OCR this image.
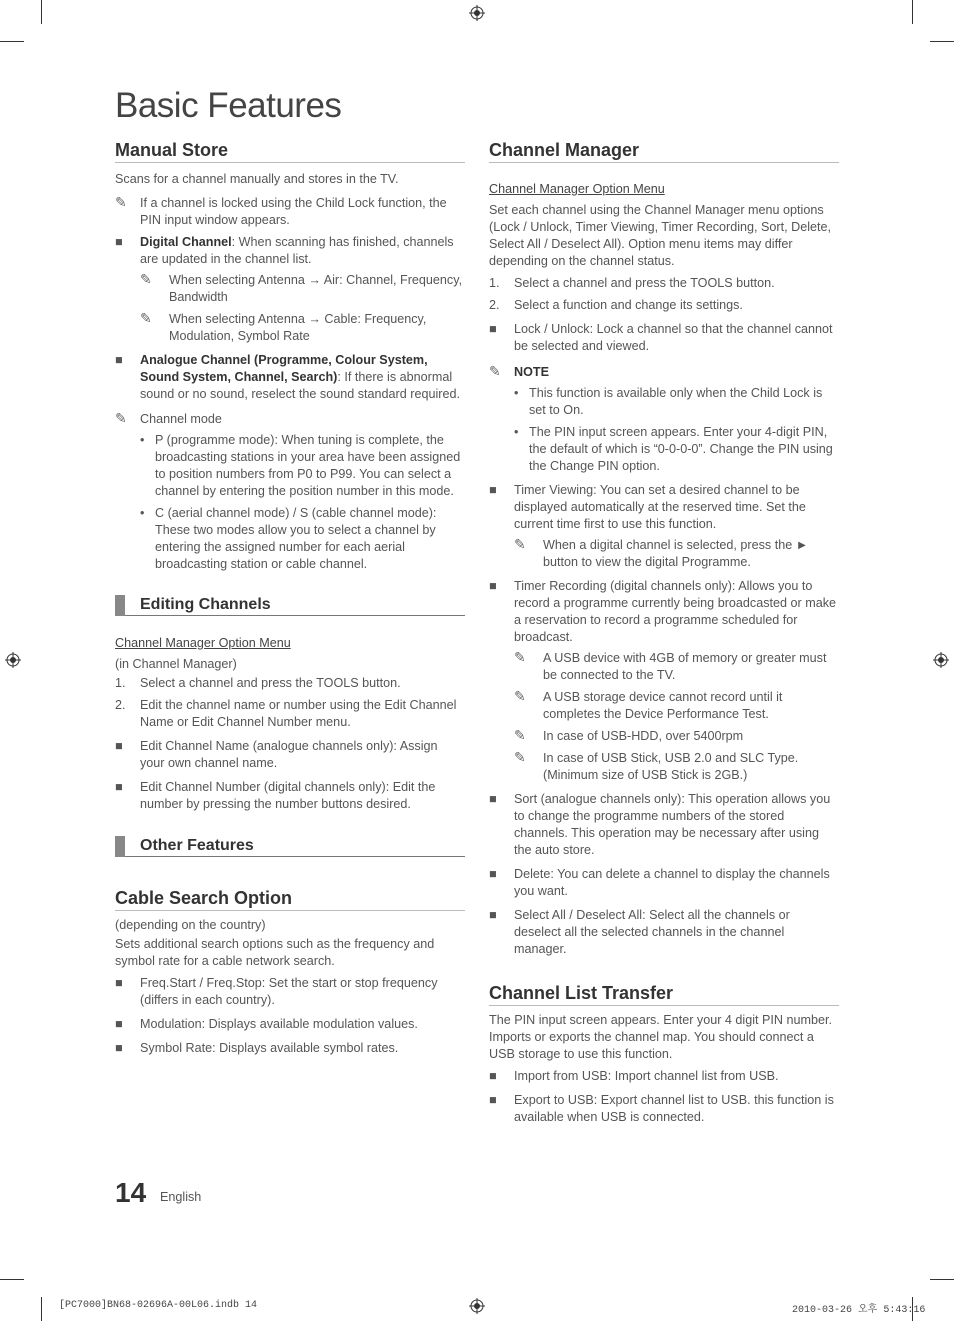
Basic Features
Manual Store

Scans for a channel manually and stores in the TV.

✎ If a channel is locked using the Child Lock function, the PIN input window appears.
■ Digital Channel: When scanning has finished, channels are updated in the channel list.
✎ When selecting Antenna → Air: Channel, Frequency, Bandwidth
✎ When selecting Antenna → Cable: Frequency, Modulation, Symbol Rate
■ Analogue Channel (Programme, Colour System, Sound System, Channel, Search): If there is abnormal sound or no sound, reselect the sound standard required.
✎ Channel mode
• P (programme mode): When tuning is complete, the broadcasting stations in your area have been assigned to position numbers from P0 to P99. You can select a channel by entering the position number in this mode.
• C (aerial channel mode) / S (cable channel mode): These two modes allow you to select a channel by entering the assigned number for each aerial broadcasting station or cable channel.
Editing Channels

Channel Manager Option Menu

(in Channel Manager)

1. Select a channel and press the TOOLS button.
2. Edit the channel name or number using the Edit Channel Name or Edit Channel Number menu.
■ Edit Channel Name (analogue channels only): Assign your own channel name.
■ Edit Channel Number (digital channels only): Edit the number by pressing the number buttons desired.
Other Features
Cable Search Option

(depending on the country)

Sets additional search options such as the frequency and symbol rate for a cable network search.

■ Freq.Start / Freq.Stop: Set the start or stop frequency (differs in each country).
■ Modulation: Displays available modulation values.
■ Symbol Rate: Displays available symbol rates.
Channel Manager

Channel Manager Option Menu

Set each channel using the Channel Manager menu options (Lock / Unlock, Timer Viewing, Timer Recording, Sort, Delete, Select All / Deselect All). Option menu items may differ depending on the channel status.

1. Select a channel and press the TOOLS button.
2. Select a function and change its settings.
■ Lock / Unlock: Lock a channel so that the channel cannot be selected and viewed.
✎ NOTE
• This function is available only when the Child Lock is set to On.
• The PIN input screen appears. Enter your 4-digit PIN, the default of which is “0-0-0-0”. Change the PIN using the Change PIN option.
■ Timer Viewing: You can set a desired channel to be displayed automatically at the reserved time. Set the current time first to use this function.
✎ When a digital channel is selected, press the ► button to view the digital Programme.
■ Timer Recording (digital channels only): Allows you to record a programme currently being broadcasted or make a reservation to record a programme scheduled for broadcast.
✎ A USB device with 4GB of memory or greater must be connected to the TV.
✎ A USB storage device cannot record until it completes the Device Performance Test.
✎ In case of USB-HDD, over 5400rpm
✎ In case of USB Stick, USB 2.0 and SLC Type. (Minimum size of USB Stick is 2GB.)
■ Sort (analogue channels only): This operation allows you to change the programme numbers of the stored channels. This operation may be necessary after using the auto store.
■ Delete: You can delete a channel to display the channels you want.
■ Select All / Deselect All: Select all the channels or deselect all the selected channels in the channel manager.
Channel List Transfer

The PIN input screen appears. Enter your 4 digit PIN number. Imports or exports the channel map. You should connect a USB storage to use this function.

■ Import from USB: Import channel list from USB.
■ Export to USB: Export channel list to USB. this function is available when USB is connected.
14 English
[PC7000]BN68-02696A-00L06.indb 14	2010-03-26 오후 5:43:16
